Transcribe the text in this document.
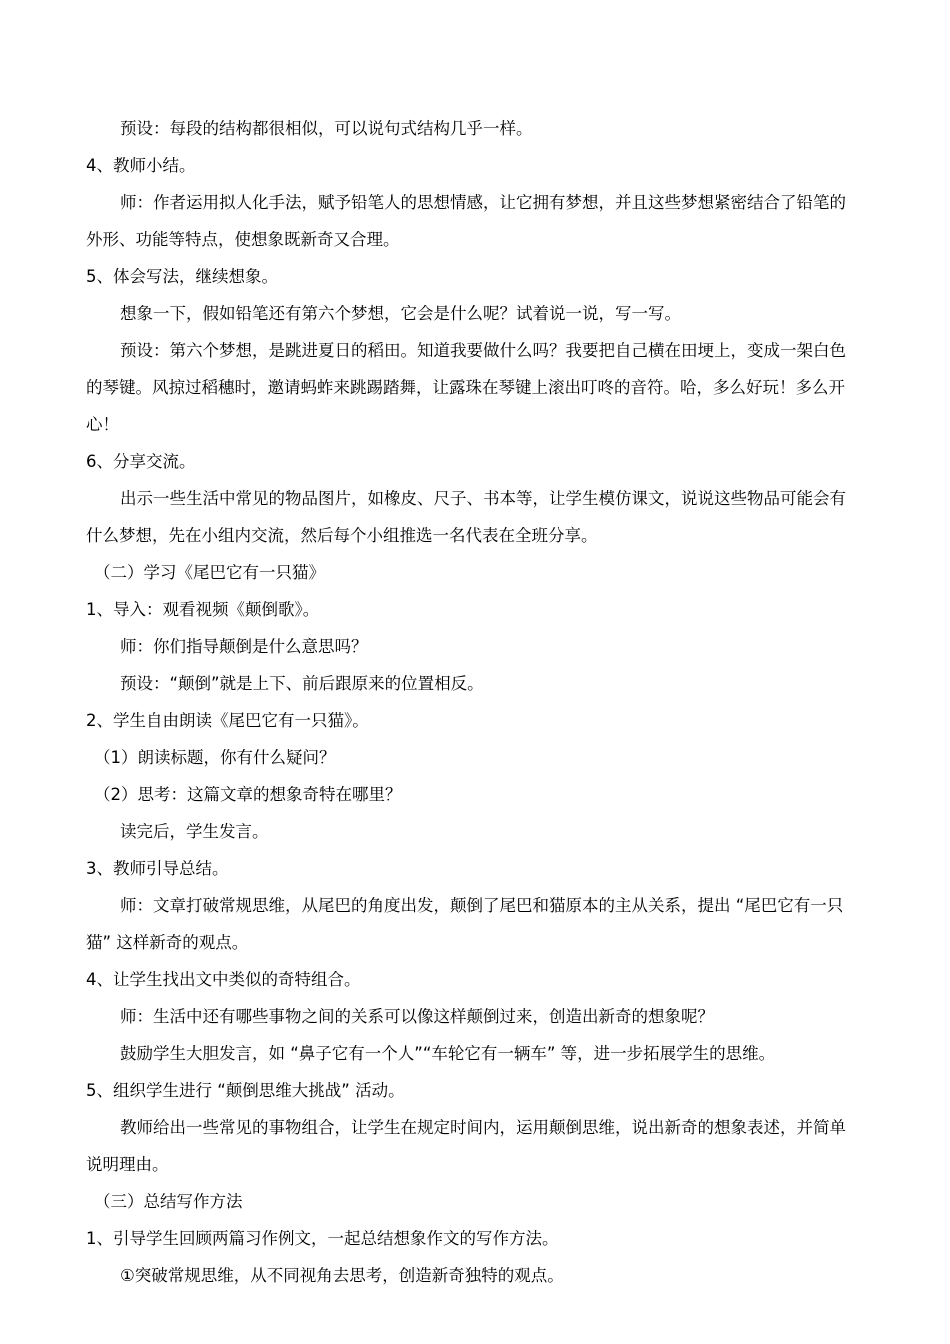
预设：每段的结构都很相似，可以说句式结构几乎一样。
4、教师小结。
师：作者运用拟人化手法，赋予铅笔人的思想情感，让它拥有梦想，并且这些梦想紧密结合了铅笔的
外形、功能等特点，使想象既新奇又合理。
5、体会写法，继续想象。
想象一下，假如铅笔还有第六个梦想，它会是什么呢？试着说一说，写一写。
预设：第六个梦想，是跳进夏日的稻田。知道我要做什么吗？我要把自己横在田埂上，变成一架白色
的琴键。风掠过稻穗时，邀请蚂蚱来跳踢踏舞，让露珠在琴键上滚出叮咚的音符。哈，多么好玩！多么开
心！
6、分享交流。
出示一些生活中常见的物品图片，如橡皮、尺子、书本等，让学生模仿课文，说说这些物品可能会有
什么梦想，先在小组内交流，然后每个小组推选一名代表在全班分享。
（二）学习《尾巴它有一只猫》
1、导入：观看视频《颠倒歌》。
师：你们指导颠倒是什么意思吗？
预设：“颠倒”就是上下、前后跟原来的位置相反。
2、学生自由朗读《尾巴它有一只猫》。
（1）朗读标题，你有什么疑问？
（2）思考：这篇文章的想象奇特在哪里？
读完后，学生发言。
3、教师引导总结。
师：文章打破常规思维，从尾巴的角度出发，颠倒了尾巴和猫原本的主从关系，提出 “尾巴它有一只
猫” 这样新奇的观点。
4、让学生找出文中类似的奇特组合。
师：生活中还有哪些事物之间的关系可以像这样颠倒过来，创造出新奇的想象呢？
鼓励学生大胆发言，如 “鼻子它有一个人”“车轮它有一辆车” 等，进一步拓展学生的思维。
5、组织学生进行 “颠倒思维大挑战” 活动。
教师给出一些常见的事物组合，让学生在规定时间内，运用颠倒思维，说出新奇的想象表述，并简单
说明理由。
（三）总结写作方法
1、引导学生回顾两篇习作例文，一起总结想象作文的写作方法。
①突破常规思维，从不同视角去思考，创造新奇独特的观点。
